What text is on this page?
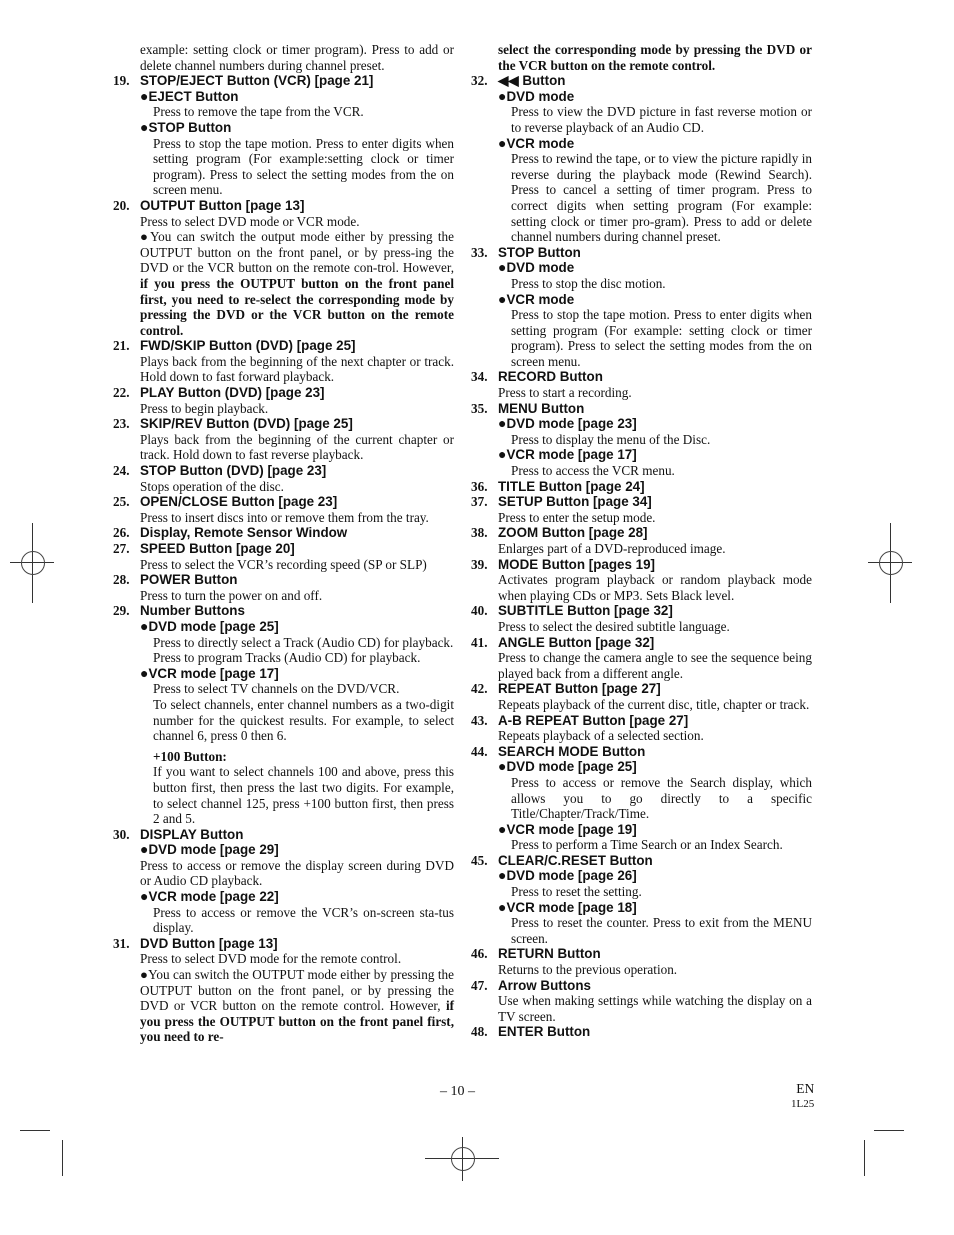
example: setting clock or timer program). Press to add or delete channel numbers during channel preset.
19. STOP/EJECT Button (VCR) [page 21]
●EJECT Button
Press to remove the tape from the VCR.
●STOP Button
Press to stop the tape motion. Press to enter digits when setting program (For example:setting clock or timer program). Press to select the setting modes from the on screen menu.
20. OUTPUT Button [page 13]
Press to select DVD mode or VCR mode.
●You can switch the output mode either by pressing the OUTPUT button on the front panel, or by press-ing the DVD or the VCR button on the remote con-trol. However, if you press the OUTPUT button on the front panel first, you need to re-select the corresponding mode by pressing the DVD or the VCR button on the remote control.
21. FWD/SKIP Button (DVD) [page 25]
Plays back from the beginning of the next chapter or track. Hold down to fast forward playback.
22. PLAY Button (DVD) [page 23]
Press to begin playback.
23. SKIP/REV Button (DVD) [page 25]
Plays back from the beginning of the current chapter or track. Hold down to fast reverse playback.
24. STOP Button (DVD) [page 23]
Stops operation of the disc.
25. OPEN/CLOSE Button [page 23]
Press to insert discs into or remove them from the tray.
26. Display, Remote Sensor Window
27. SPEED Button [page 20]
Press to select the VCR’s recording speed (SP or SLP)
28. POWER Button
Press to turn the power on and off.
29. Number Buttons
●DVD mode [page 25]
Press to directly select a Track (Audio CD) for playback.
Press to program Tracks (Audio CD) for playback.
●VCR mode [page 17]
Press to select TV channels on the DVD/VCR.
To select channels, enter channel numbers as a two-digit number for the quickest results. For example, to select channel 6, press 0 then 6.
+100 Button:
If you want to select channels 100 and above, press this button first, then press the last two digits. For example, to select channel 125, press +100 button first, then press 2 and 5.
30. DISPLAY Button
●DVD mode [page 29]
Press to access or remove the display screen during DVD or Audio CD playback.
●VCR mode [page 22]
Press to access or remove the VCR’s on-screen sta-tus display.
31. DVD Button [page 13]
Press to select DVD mode for the remote control.
●You can switch the OUTPUT mode either by pressing the OUTPUT button on the front panel, or by pressing the DVD or VCR button on the remote control. However, if you press the OUTPUT button on the front panel first, you need to re-
select the corresponding mode by pressing the DVD or the VCR button on the remote control.
32. ◀◀ Button
●DVD mode
Press to view the DVD picture in fast reverse motion or to reverse playback of an Audio CD.
●VCR mode
Press to rewind the tape, or to view the picture rapidly in reverse during the playback mode (Rewind Search). Press to cancel a setting of timer program. Press to correct digits when setting program (For example: setting clock or timer pro-gram). Press to add or delete channel numbers during channel preset.
33. STOP Button
●DVD mode
Press to stop the disc motion.
●VCR mode
Press to stop the tape motion. Press to enter digits when setting program (For example: setting clock or timer program). Press to select the setting modes from the on screen menu.
34. RECORD Button
Press to start a recording.
35. MENU Button
●DVD mode [page 23]
Press to display the menu of the Disc.
●VCR mode [page 17]
Press to access the VCR menu.
36. TITLE Button [page 24]
37. SETUP Button [page 34]
Press to enter the setup mode.
38. ZOOM Button [page 28]
Enlarges part of a DVD-reproduced image.
39. MODE Button [pages 19]
Activates program playback or random playback mode when playing CDs or MP3. Sets Black level.
40. SUBTITLE Button [page 32]
Press to select the desired subtitle language.
41. ANGLE Button [page 32]
Press to change the camera angle to see the sequence being played back from a different angle.
42. REPEAT Button [page 27]
Repeats playback of the current disc, title, chapter or track.
43. A-B REPEAT Button [page 27]
Repeats playback of a selected section.
44. SEARCH MODE Button
●DVD mode [page 25]
Press to access or remove the Search display, which allows you to go directly to a specific Title/Chapter/Track/Time.
●VCR mode [page 19]
Press to perform a Time Search or an Index Search.
45. CLEAR/C.RESET Button
●DVD mode [page 26]
Press to reset the setting.
●VCR mode [page 18]
Press to reset the counter. Press to exit from the MENU screen.
46. RETURN Button
Returns to the previous operation.
47. Arrow Buttons
Use when making settings while watching the display on a TV screen.
48. ENTER Button
– 10 –	EN
1L25
